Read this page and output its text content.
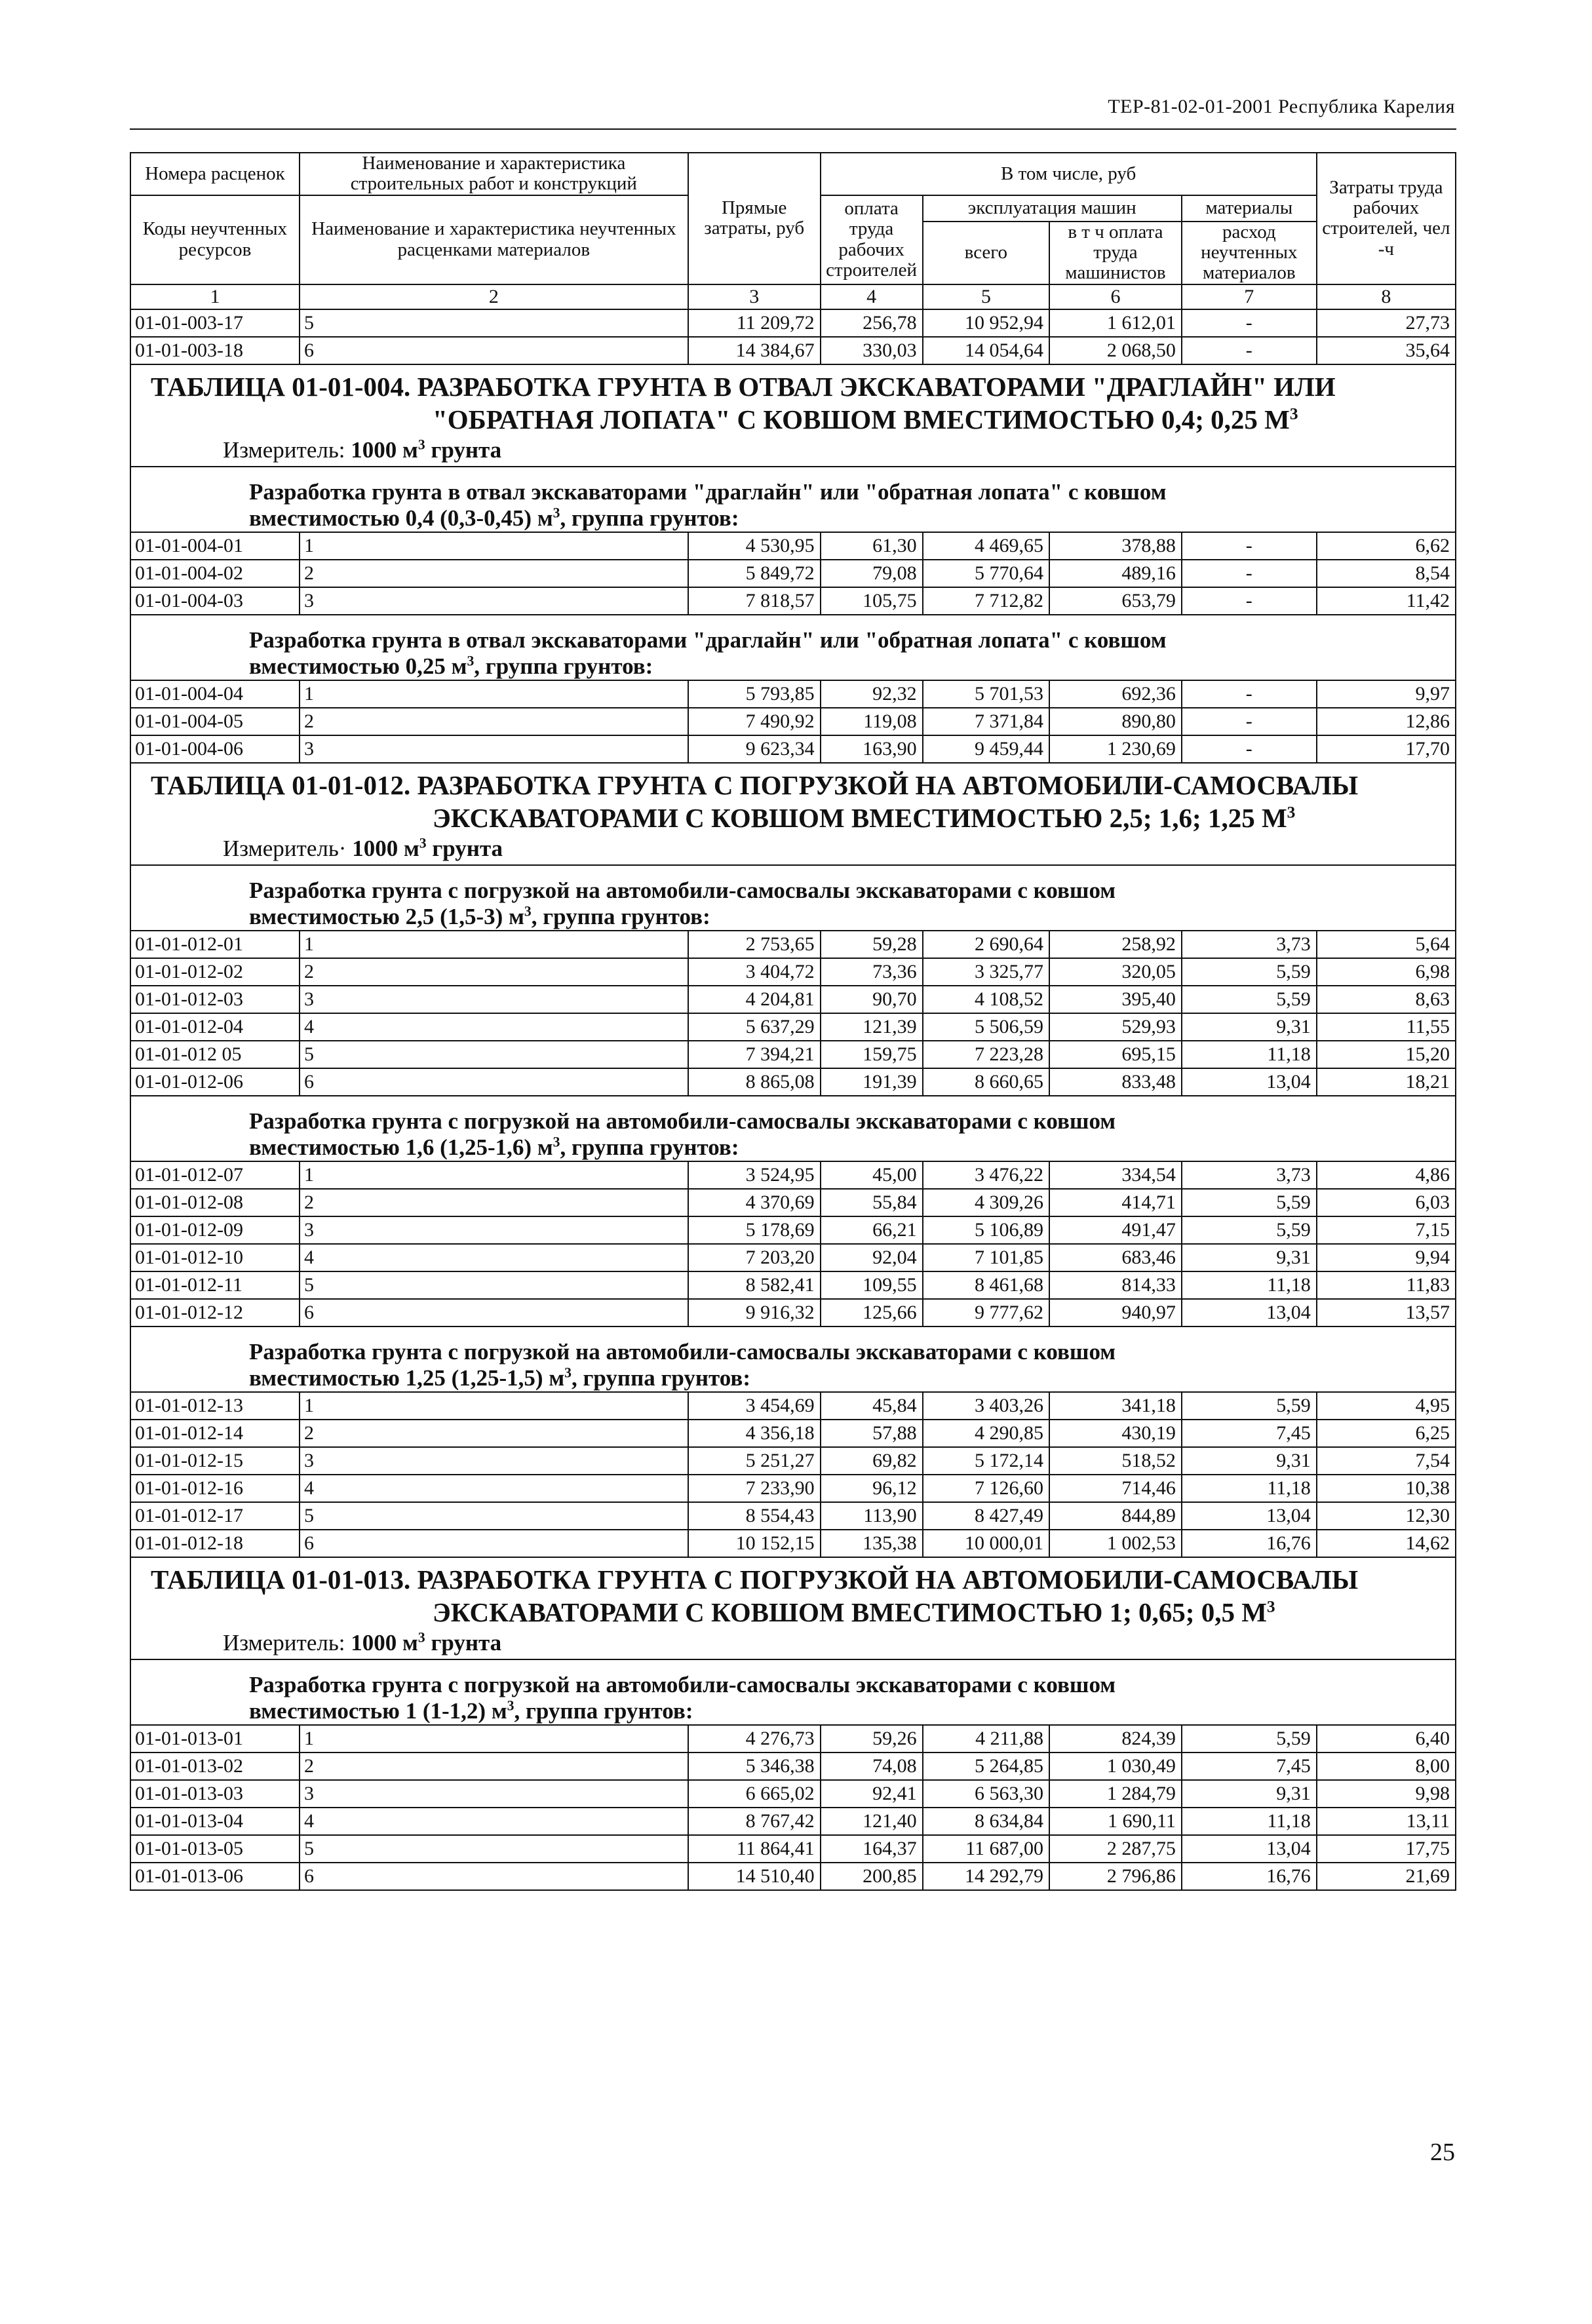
ТЕР-81-02-01-2001 Республика Карелия
Номера расценок	Наименование и характеристика строительных работ и конструкций	Прямые затраты, руб	В том числе, руб				Затраты труда рабочих строителей, чел -ч
Коды неучтенных ресурсов	Наименование и характеристика неучтенных расценками материалов		оплата труда рабочих строителей	эксплуатация машин		материалы	
				всего	в т ч оплата труда машинистов	расход неучтенных материалов	
1	2	3	4	5	6	7	8
01-01-003-17	5	11 209,72	256,78	10 952,94	1 612,01	-	27,73
01-01-003-18	6	14 384,67	330,03	14 054,64	2 068,50	-	35,64

ТАБЛИЦА 01-01-004. РАЗРАБОТКА ГРУНТА В ОТВАЛ ЭКСКАВАТОРАМИ "ДРАГЛАЙН" ИЛИ
"ОБРАТНАЯ ЛОПАТА" С КОВШОМ ВМЕСТИМОСТЬЮ 0,4; 0,25 $М^3$
Измеритель: 1000 $м^3$ грунта							

Разработка грунта в отвал экскаваторами "драглайн" или "обратная лопата" с ковшом
вместимостью 0,4 (0,3-0,45) $м^3$, группа грунтов:							

01-01-004-01	1	4 530,95	61,30	4 469,65	378,88	-	6,62
01-01-004-02	2	5 849,72	79,08	5 770,64	489,16	-	8,54
01-01-004-03	3	7 818,57	105,75	7 712,82	653,79	-	11,42

Разработка грунта в отвал экскаваторами "драглайн" или "обратная лопата" с ковшом
вместимостью 0,25 $м^3$, группа грунтов:							

01-01-004-04	1	5 793,85	92,32	5 701,53	692,36	-	9,97
01-01-004-05	2	7 490,92	119,08	7 371,84	890,80	-	12,86
01-01-004-06	3	9 623,34	163,90	9 459,44	1 230,69	-	17,70

ТАБЛИЦА 01-01-012. РАЗРАБОТКА ГРУНТА С ПОГРУЗКОЙ НА АВТОМОБИЛИ-САМОСВАЛЫ
ЭКСКАВАТОРАМИ С КОВШОМ ВМЕСТИМОСТЬЮ 2,5; 1,6; 1,25 $М^3$
Измеритель· 1000 $м^3$ грунта							

Разработка грунта с погрузкой на автомобили-самосвалы экскаваторами с ковшом
вместимостью 2,5 (1,5-3) $м^3$, группа грунтов:							

01-01-012-01	1	2 753,65	59,28	2 690,64	258,92	3,73	5,64
01-01-012-02	2	3 404,72	73,36	3 325,77	320,05	5,59	6,98
01-01-012-03	3	4 204,81	90,70	4 108,52	395,40	5,59	8,63
01-01-012-04	4	5 637,29	121,39	5 506,59	529,93	9,31	11,55
01-01-012 05	5	7 394,21	159,75	7 223,28	695,15	11,18	15,20
01-01-012-06	6	8 865,08	191,39	8 660,65	833,48	13,04	18,21

Разработка грунта с погрузкой на автомобили-самосвалы экскаваторами с ковшом
вместимостью 1,6 (1,25-1,6) $м^3$, группа грунтов:							

01-01-012-07	1	3 524,95	45,00	3 476,22	334,54	3,73	4,86
01-01-012-08	2	4 370,69	55,84	4 309,26	414,71	5,59	6,03
01-01-012-09	3	5 178,69	66,21	5 106,89	491,47	5,59	7,15
01-01-012-10	4	7 203,20	92,04	7 101,85	683,46	9,31	9,94
01-01-012-11	5	8 582,41	109,55	8 461,68	814,33	11,18	11,83
01-01-012-12	6	9 916,32	125,66	9 777,62	940,97	13,04	13,57

Разработка грунта с погрузкой на автомобили-самосвалы экскаваторами с ковшом
вместимостью 1,25 (1,25-1,5) $м^3$, группа грунтов:							

01-01-012-13	1	3 454,69	45,84	3 403,26	341,18	5,59	4,95
01-01-012-14	2	4 356,18	57,88	4 290,85	430,19	7,45	6,25
01-01-012-15	3	5 251,27	69,82	5 172,14	518,52	9,31	7,54
01-01-012-16	4	7 233,90	96,12	7 126,60	714,46	11,18	10,38
01-01-012-17	5	8 554,43	113,90	8 427,49	844,89	13,04	12,30
01-01-012-18	6	10 152,15	135,38	10 000,01	1 002,53	16,76	14,62

ТАБЛИЦА 01-01-013. РАЗРАБОТКА ГРУНТА С ПОГРУЗКОЙ НА АВТОМОБИЛИ-САМОСВАЛЫ
ЭКСКАВАТОРАМИ С КОВШОМ ВМЕСТИМОСТЬЮ 1; 0,65; 0,5 $М^3$
Измеритель: 1000 $м^3$ грунта							

Разработка грунта с погрузкой на автомобили-самосвалы экскаваторами с ковшом
вместимостью 1 (1-1,2) $м^3$, группа грунтов:							

01-01-013-01	1	4 276,73	59,26	4 211,88	824,39	5,59	6,40
01-01-013-02	2	5 346,38	74,08	5 264,85	1 030,49	7,45	8,00
01-01-013-03	3	6 665,02	92,41	6 563,30	1 284,79	9,31	9,98
01-01-013-04	4	8 767,42	121,40	8 634,84	1 690,11	11,18	13,11
01-01-013-05	5	11 864,41	164,37	11 687,00	2 287,75	13,04	17,75
01-01-013-06	6	14 510,40	200,85	14 292,79	2 796,86	16,76	21,69
25
